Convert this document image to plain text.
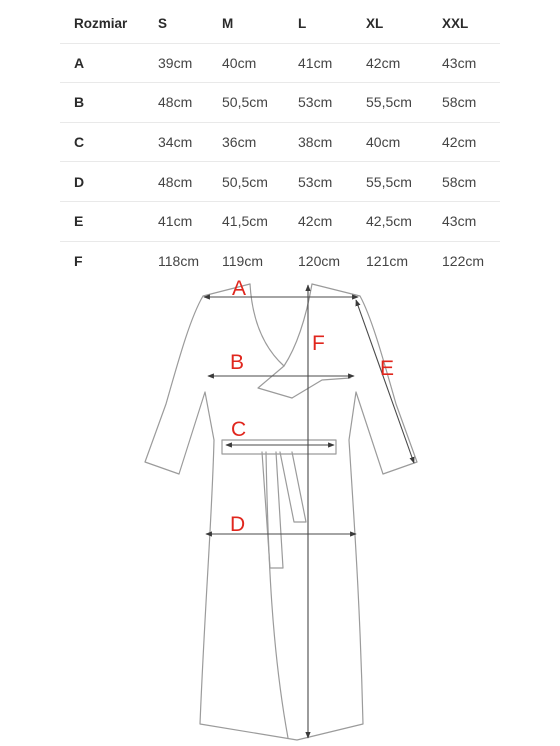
Rozmiar	S	M	L	XL	XXL
A	39cm	40cm	41cm	42cm	43cm
B	48cm	50,5cm	53cm	55,5cm	58cm
C	34cm	36cm	38cm	40cm	42cm
D	48cm	50,5cm	53cm	55,5cm	58cm
E	41cm	41,5cm	42cm	42,5cm	43cm
F	118cm	119cm	120cm	121cm	122cm
A
B
C
D
E
F
